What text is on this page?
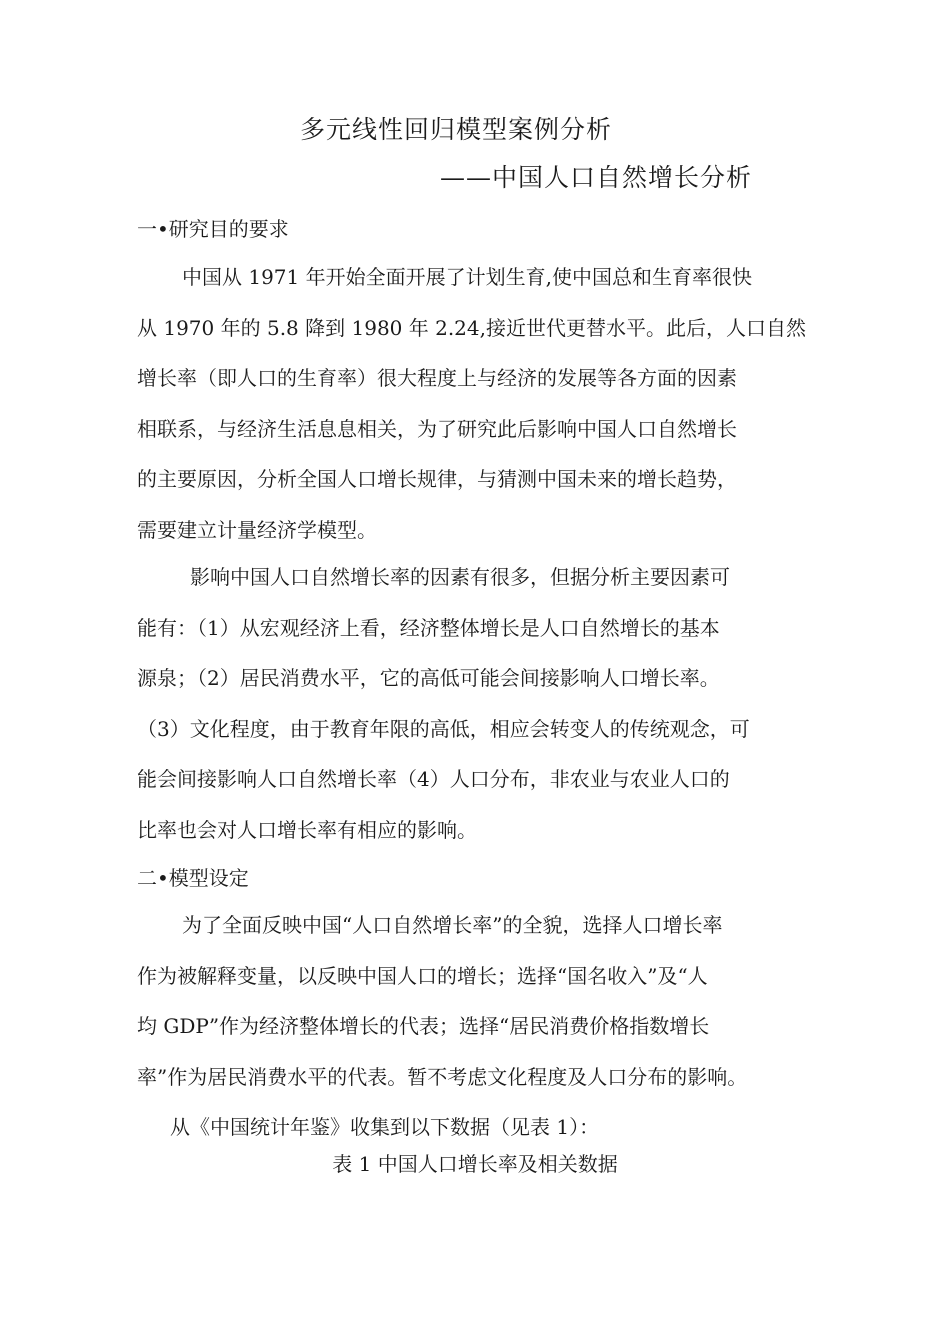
多元线性回归模型案例分析
——中国人口自然增长分析
一•研究目的要求
中国从 1971 年开始全面开展了计划生育,使中国总和生育率很快
从 1970 年的 5.8 降到 1980 年 2.24,接近世代更替水平。此后，人口自然
增长率（即人口的生育率）很大程度上与经济的发展等各方面的因素
相联系，与经济生活息息相关，为了研究此后影响中国人口自然增长
的主要原因，分析全国人口增长规律，与猜测中国未来的增长趋势，
需要建立计量经济学模型。
影响中国人口自然增长率的因素有很多，但据分析主要因素可
能有：（1）从宏观经济上看，经济整体增长是人口自然增长的基本
源泉；（2）居民消费水平，它的高低可能会间接影响人口增长率。
（3）文化程度，由于教育年限的高低，相应会转变人的传统观念，可
能会间接影响人口自然增长率（4）人口分布，非农业与农业人口的
比率也会对人口增长率有相应的影响。
二•模型设定
为了全面反映中国“人口自然增长率”的全貌，选择人口增长率
作为被解释变量，以反映中国人口的增长；选择“国名收入”及“人
均 GDP”作为经济整体增长的代表；选择“居民消费价格指数增长
率”作为居民消费水平的代表。暂不考虑文化程度及人口分布的影响。
从《中国统计年鉴》收集到以下数据（见表 1）：
表 1 中国人口增长率及相关数据
